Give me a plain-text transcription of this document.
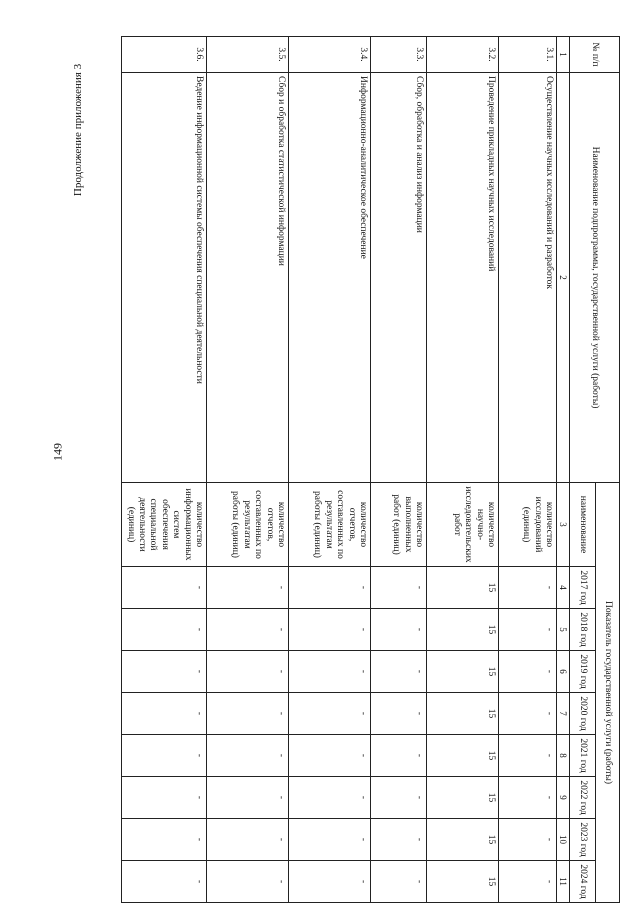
149
Продолжение приложения 3
№ п/п	Наименование подпрограммы, государственной услуги (работы)	Показатель государственной услуги (работы)								
		наименование	2017 год	2018 год	2019 год	2020 год	2021 год	2022 год	2023 год	2024 год
1	2	3	4	5	6	7	8	9	10	11
3.1.	Осуществление научных исследований и разработок	количество исследований (единиц)	-	-	-	-	-	-	-	-
3.2.	Проведение прикладных научных исследований	количество научно-исследовательских работ	15	15	15	15	15	15	15	15
3.3.	Сбор, обработка и анализ информации	количество выполненных работ (единиц)	-	-	-	-	-	-	-	-
3.4.	Информационно-аналитическое обеспечение	количество отчетов, составленных по результатам работы (единиц)	-	-	-	-	-	-	-	-
3.5.	Сбор и обработка статистической информации	количество отчетов, составленных по результатам работы (единиц)	-	-	-	-	-	-	-	-
3.6.	Ведение информационной системы обеспечения специальной деятельности	количество информационных систем обеспечения специальной деятельности (единиц)	-	-	-	-	-	-	-	-
